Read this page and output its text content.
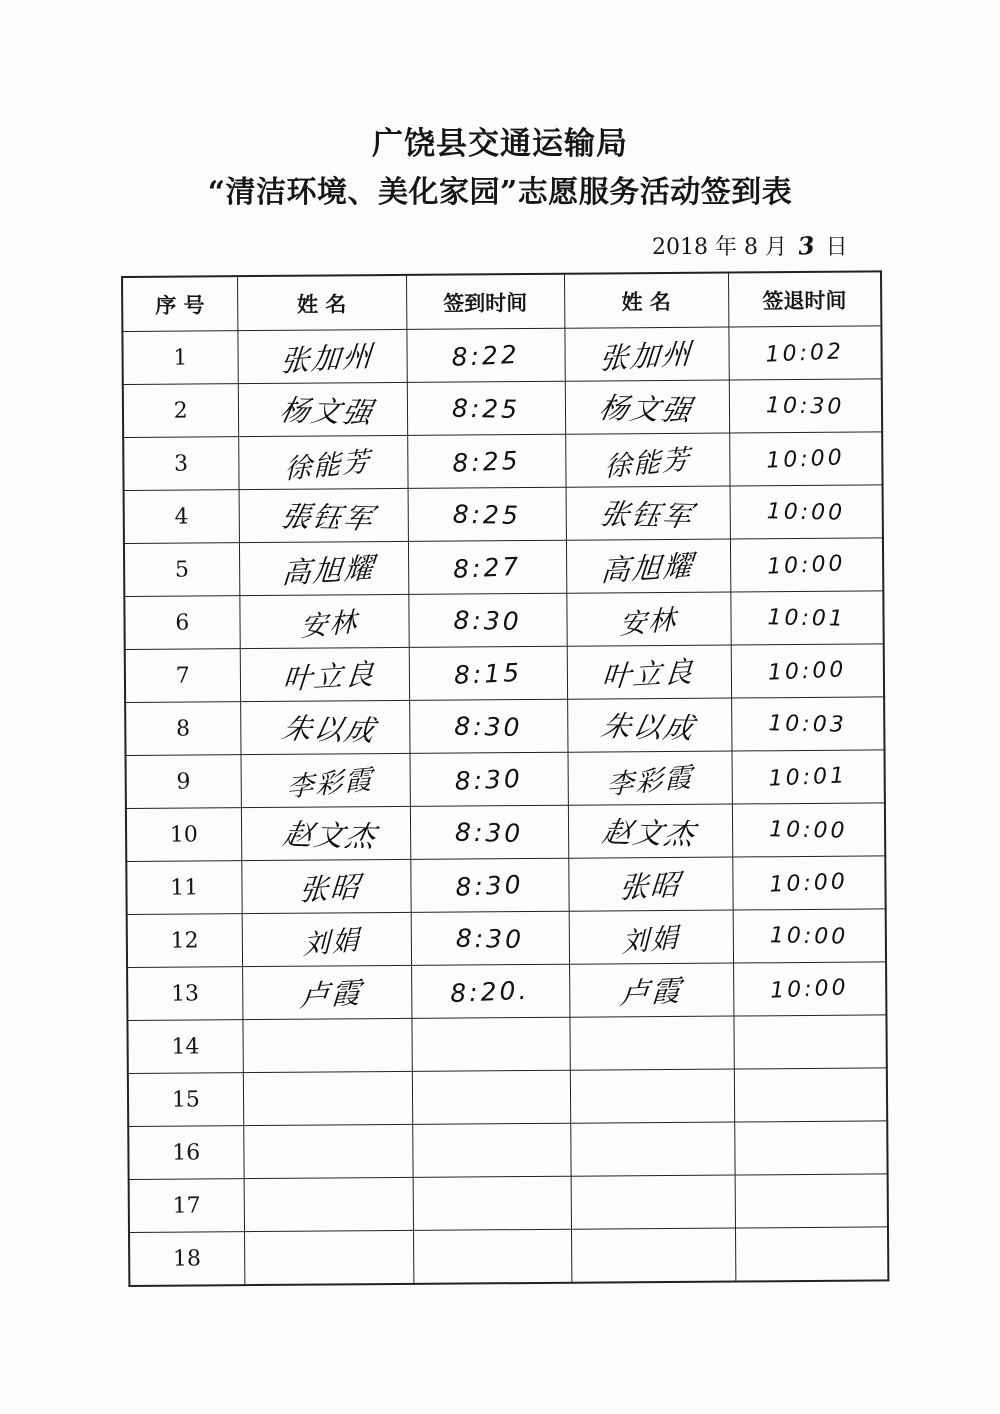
广饶县交通运输局
“清洁环境、美化家园”志愿服务活动签到表
2018 年 8 月 3 日
序 号	姓 名	签到时间	姓 名	签退时间
1	张加州	8:22	张加州	10:02
2	杨文强	8:25	杨文强	10:30
3	徐能芳	8:25	徐能芳	10:00
4	張钰军	8:25	张钰军	10:00
5	高旭耀	8:27	高旭耀	10:00
6	安林	8:30	安林	10:01
7	叶立良	8:15	叶立良	10:00
8	朱以成	8:30	朱以成	10:03
9	李彩霞	8:30	李彩霞	10:01
10	赵文杰	8:30	赵文杰	10:00
11	张昭	8:30	张昭	10:00
12	刘娟	8:30	刘娟	10:00
13	卢霞	8:20.	卢霞	10:00
14				
15				
16				
17				
18				
